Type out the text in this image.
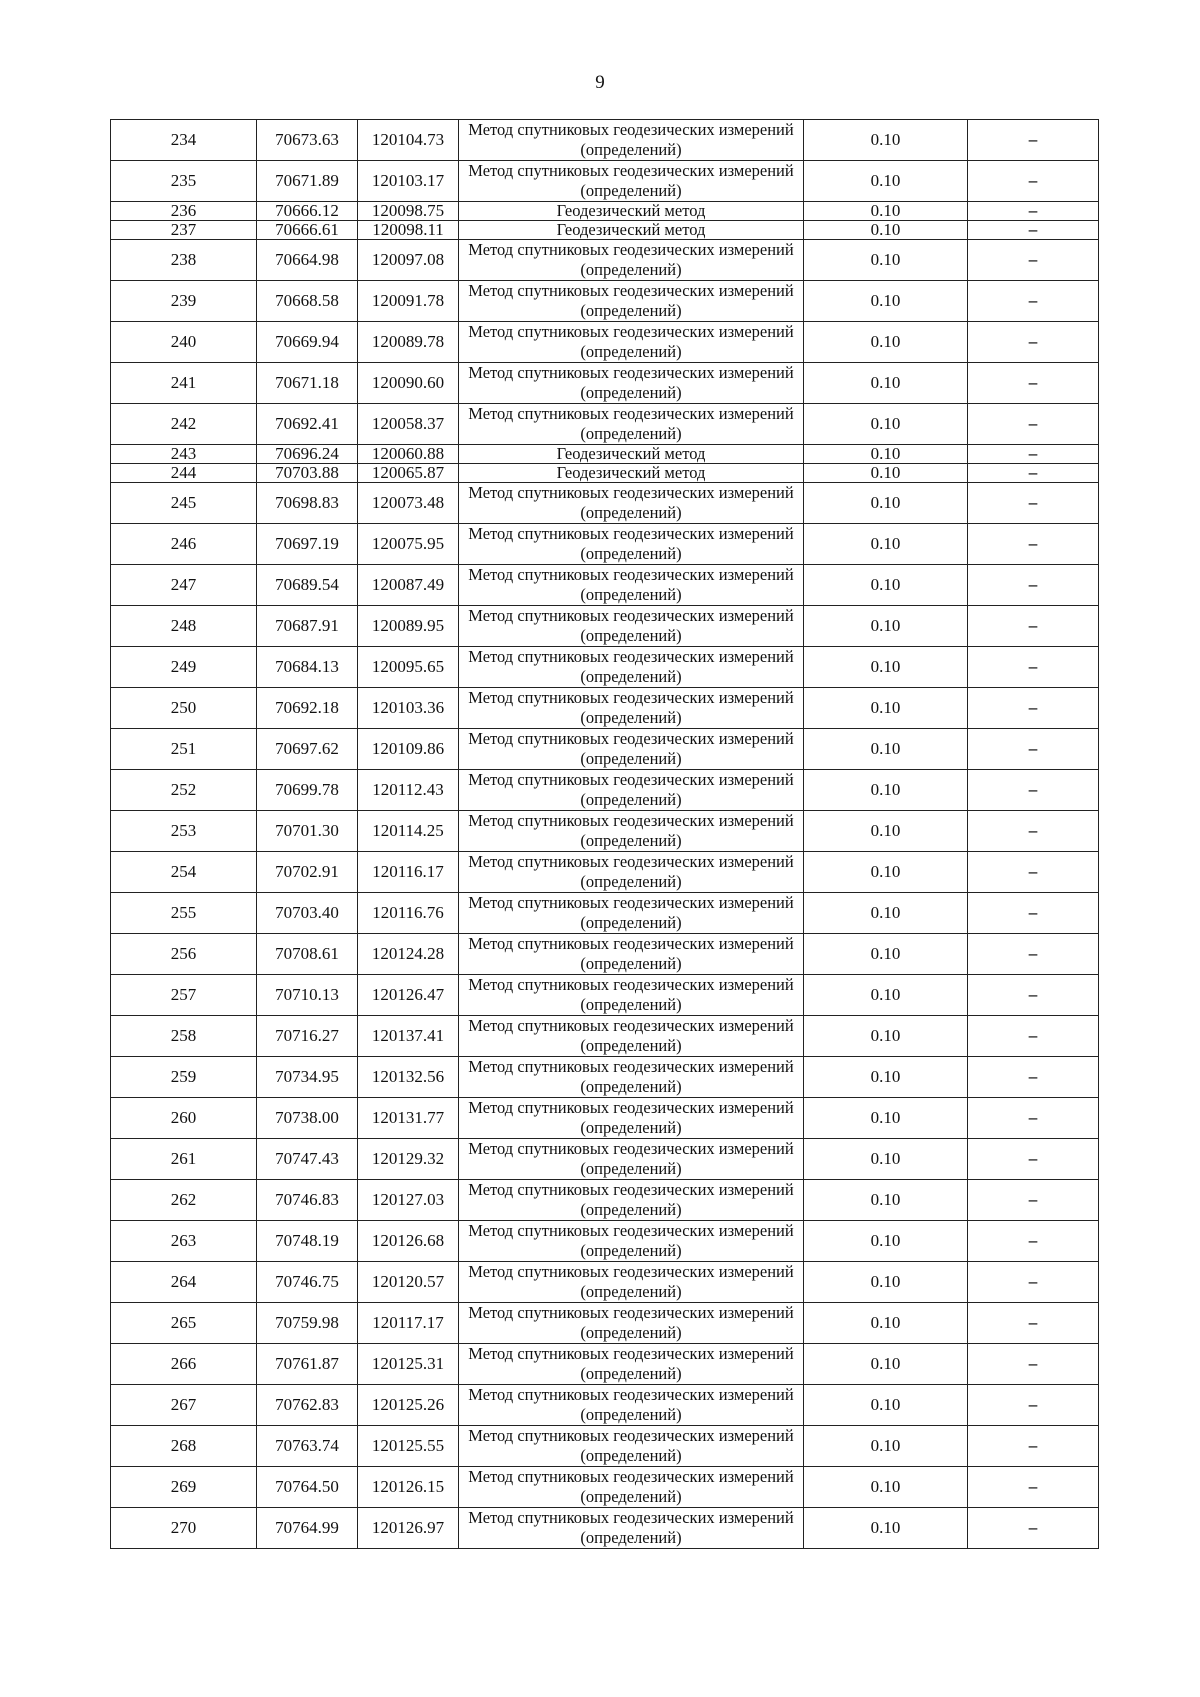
9
234	70673.63	120104.73	Метод спутниковых геодезических измерений (определений)	0.10	–
235	70671.89	120103.17	Метод спутниковых геодезических измерений (определений)	0.10	–
236	70666.12	120098.75	Геодезический метод	0.10	–
237	70666.61	120098.11	Геодезический метод	0.10	–
238	70664.98	120097.08	Метод спутниковых геодезических измерений (определений)	0.10	–
239	70668.58	120091.78	Метод спутниковых геодезических измерений (определений)	0.10	–
240	70669.94	120089.78	Метод спутниковых геодезических измерений (определений)	0.10	–
241	70671.18	120090.60	Метод спутниковых геодезических измерений (определений)	0.10	–
242	70692.41	120058.37	Метод спутниковых геодезических измерений (определений)	0.10	–
243	70696.24	120060.88	Геодезический метод	0.10	–
244	70703.88	120065.87	Геодезический метод	0.10	–
245	70698.83	120073.48	Метод спутниковых геодезических измерений (определений)	0.10	–
246	70697.19	120075.95	Метод спутниковых геодезических измерений (определений)	0.10	–
247	70689.54	120087.49	Метод спутниковых геодезических измерений (определений)	0.10	–
248	70687.91	120089.95	Метод спутниковых геодезических измерений (определений)	0.10	–
249	70684.13	120095.65	Метод спутниковых геодезических измерений (определений)	0.10	–
250	70692.18	120103.36	Метод спутниковых геодезических измерений (определений)	0.10	–
251	70697.62	120109.86	Метод спутниковых геодезических измерений (определений)	0.10	–
252	70699.78	120112.43	Метод спутниковых геодезических измерений (определений)	0.10	–
253	70701.30	120114.25	Метод спутниковых геодезических измерений (определений)	0.10	–
254	70702.91	120116.17	Метод спутниковых геодезических измерений (определений)	0.10	–
255	70703.40	120116.76	Метод спутниковых геодезических измерений (определений)	0.10	–
256	70708.61	120124.28	Метод спутниковых геодезических измерений (определений)	0.10	–
257	70710.13	120126.47	Метод спутниковых геодезических измерений (определений)	0.10	–
258	70716.27	120137.41	Метод спутниковых геодезических измерений (определений)	0.10	–
259	70734.95	120132.56	Метод спутниковых геодезических измерений (определений)	0.10	–
260	70738.00	120131.77	Метод спутниковых геодезических измерений (определений)	0.10	–
261	70747.43	120129.32	Метод спутниковых геодезических измерений (определений)	0.10	–
262	70746.83	120127.03	Метод спутниковых геодезических измерений (определений)	0.10	–
263	70748.19	120126.68	Метод спутниковых геодезических измерений (определений)	0.10	–
264	70746.75	120120.57	Метод спутниковых геодезических измерений (определений)	0.10	–
265	70759.98	120117.17	Метод спутниковых геодезических измерений (определений)	0.10	–
266	70761.87	120125.31	Метод спутниковых геодезических измерений (определений)	0.10	–
267	70762.83	120125.26	Метод спутниковых геодезических измерений (определений)	0.10	–
268	70763.74	120125.55	Метод спутниковых геодезических измерений (определений)	0.10	–
269	70764.50	120126.15	Метод спутниковых геодезических измерений (определений)	0.10	–
270	70764.99	120126.97	Метод спутниковых геодезических измерений (определений)	0.10	–
